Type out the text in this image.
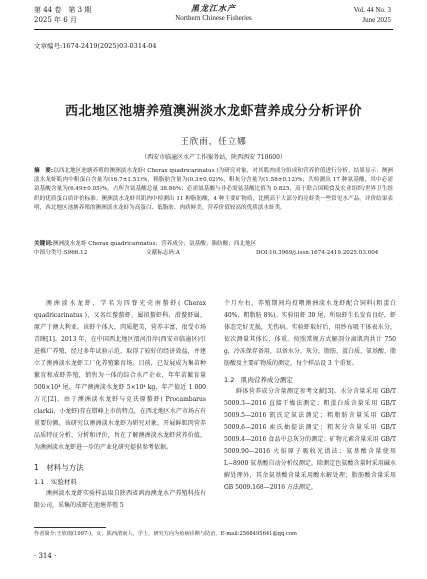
第 44 卷　第 3 期
2025 年 6 月
黑龙江水产
Northern Chinese Fisheries
Vol. 44 No. 3
June 2025
文章编号:1674-2419(2025)03-0314-04
西北地区池塘养殖澳洲淡水龙虾营养成分分析评价
王欣雨，任立娜
（西安市临潼区水产工作服务站，陕西西安 710600）
摘　要:以西北地区池塘养殖的澳洲淡水龙虾( Cherax quadricarinatus )为研究对象，对其肌肉成分组成和营养价值进行分析。结果显示：澳洲淡水龙虾肌肉中粗蛋白含量为(16.7±1.51)%，粗脂肪含量为(0.3±0.02)%，粗灰分含量为(1.58±0.12)%；共检测出 17 种氨基酸，其中必需氨基酸含量为(6.49±0.05)%，占所含氨基酸总量 38.86%；必需氨基酸与非必需氨基酸比值为 0.825，高于联合国粮食及农业组织/世界卫生组织的优质蛋白质评价标准。澳洲淡水龙虾其肌肉中检测出 11 种脂肪酸，4 种主要矿物质，比例高于大部分的亮虾类一些常见水产品。评价结果表明，西北地区池塘养殖的澳洲淡水龙虾为高蛋白、低脂肪、肉质鲜美，营养价值较高的优质淡水虾类。
关键词:澳洲淡水龙虾 Cherax quadricarinatus；营养成分；氨基酸；脂肪酸；西北地区
中图分类号:S966.12	文献标志码:A	DOI:10.3969/j.issn.1674-2419.2025.03.004

澳洲淡水龙虾，学名为四脊光壳南螯虾( Cherax quadricarinatus )，又名红螯螯虾，属拟螯虾科，滑螯虾属，原产于澳大利亚。该虾个体大，肉质肥美，营养丰富，很受市场青睐[1]。2013 年，在中国西北地区渭河沿岸(西安市临潼区)引进推广养殖，经过多年试验示范，取得了较好的经济效益，并建立了澳洲淡水龙虾工厂化养殖繁育场。目前，已发展成为集苗种繁育和成虾养殖，销售为一体的综合水产企业，年年苗繁育量 500×10⁴ 尾，年产澳洲淡水龙虾 5×10⁴ kg，年产值近 1 000 万元[2]。由于澳洲淡水龙虾与克氏原螯虾( Procambarus clarkii，小龙虾)存在错峰上市的特点，在西北地区水产市场占有重要份额。该研究以澳洲淡水龙虾为研究对象，开展鲜肌肉营养品质特征分析、分析和评价，旨在了解澳洲淡水龙虾营养价值，为澳洲淡水龙虾进一步的产业化研究提供参考依据。

1　材料与方法
1.1　实验材料

澳洲淡水龙虾实验样品取自陕西省鸿海澳龙水产养殖科技有限公司，采集的成虾在池塘养殖 5

个月左右，养殖期间均投喂澳洲淡水龙虾配合饲料(粗蛋白 40%，粗脂肪 8%)。实验用虾 30 尾，所取虾生长发育良好，虾体态完好无损，无伤病。实验虾取好后，用纱布吸干体表水分，依次测量其体长、体重。按照常规方式解剖分离肌肉共计 750 g，冷冻保存备用，以备水分、灰分、脂肪、蛋白质、氨基酸、脂肪酸及主要矿物质的测定，每个样品设 3 个重复。

1.2　肌肉营养成分测定

鲜体营养成分含量测定参考文献[3]。水分含量采用 GB/T 5009.3—2016 直接干燥法测定；粗蛋白质含量采用 GB/T 5009.5—2016 凯氏定氮法测定；粗脂肪含量采用 GB/T 5009.6—2016 索氏抽提法测定；粗灰分含量采用 GB/T 5009.4—2016 食品中总灰分的测定；矿物元素含量采用 GB/T 5009.90—2016 火焰原子吸收光谱法；氨基酸含量使用 L−8900 氨基酸自动分析仪测定，除测定色氨酸含量时采用碱水解处理外，其余氨基酸含量采用酸水解处理；脂肪酸含量采用 GB 5009.168—2016 方法测定。

作者简介:王欣雨(1997-)，女，陕西渭南人，学士，研究方向为鱼病诊断与防治。E-mail:2568495641@qq.com
· 314 ·
